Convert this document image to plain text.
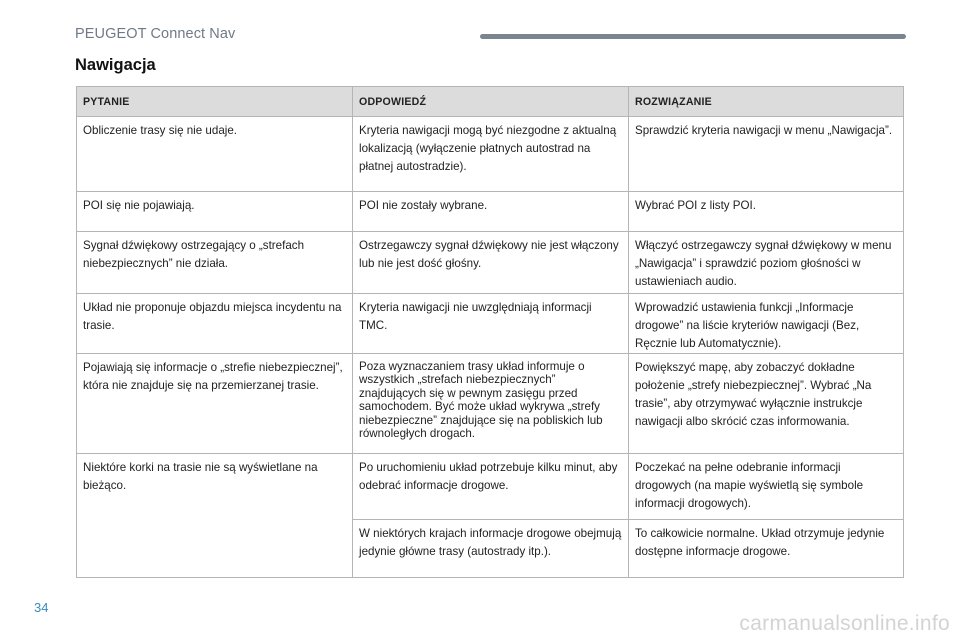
PEUGEOT Connect Nav
Nawigacja
PYTANIE	ODPOWIEDŹ	ROZWIĄZANIE
Obliczenie trasy się nie udaje.	Kryteria nawigacji mogą być niezgodne z aktualną lokalizacją (wyłączenie płatnych autostrad na płatnej autostradzie).	Sprawdzić kryteria nawigacji w menu „Nawigacja”.
POI się nie pojawiają.	POI nie zostały wybrane.	Wybrać POI z listy POI.
Sygnał dźwiękowy ostrzegający o „strefach niebezpiecznych” nie działa.	Ostrzegawczy sygnał dźwiękowy nie jest włączony lub nie jest dość głośny.	Włączyć ostrzegawczy sygnał dźwiękowy w menu „Nawigacja” i sprawdzić poziom głośności w ustawieniach audio.
Układ nie proponuje objazdu miejsca incydentu na trasie.	Kryteria nawigacji nie uwzględniają informacji TMC.	Wprowadzić ustawienia funkcji „Informacje drogowe” na liście kryteriów nawigacji (Bez, Ręcznie lub Automatycznie).
Pojawiają się informacje o „strefie niebezpiecznej”, która nie znajduje się na przemierzanej trasie.	Poza wyznaczaniem trasy układ informuje o wszystkich „strefach niebezpiecznych” znajdujących się w pewnym zasięgu przed samochodem. Być może układ wykrywa „strefy niebezpieczne” znajdujące się na pobliskich lub równoległych drogach.	Powiększyć mapę, aby zobaczyć dokładne położenie „strefy niebezpiecznej”. Wybrać „Na trasie”, aby otrzymywać wyłącznie instrukcje nawigacji albo skrócić czas informowania.
Niektóre korki na trasie nie są wyświetlane na bieżąco.	Po uruchomieniu układ potrzebuje kilku minut, aby odebrać informacje drogowe.	Poczekać na pełne odebranie informacji drogowych (na mapie wyświetlą się symbole informacji drogowych).
	W niektórych krajach informacje drogowe obejmują jedynie główne trasy (autostrady itp.).	To całkowicie normalne. Układ otrzymuje jedynie dostępne informacje drogowe.
34
carmanualsonline.info
